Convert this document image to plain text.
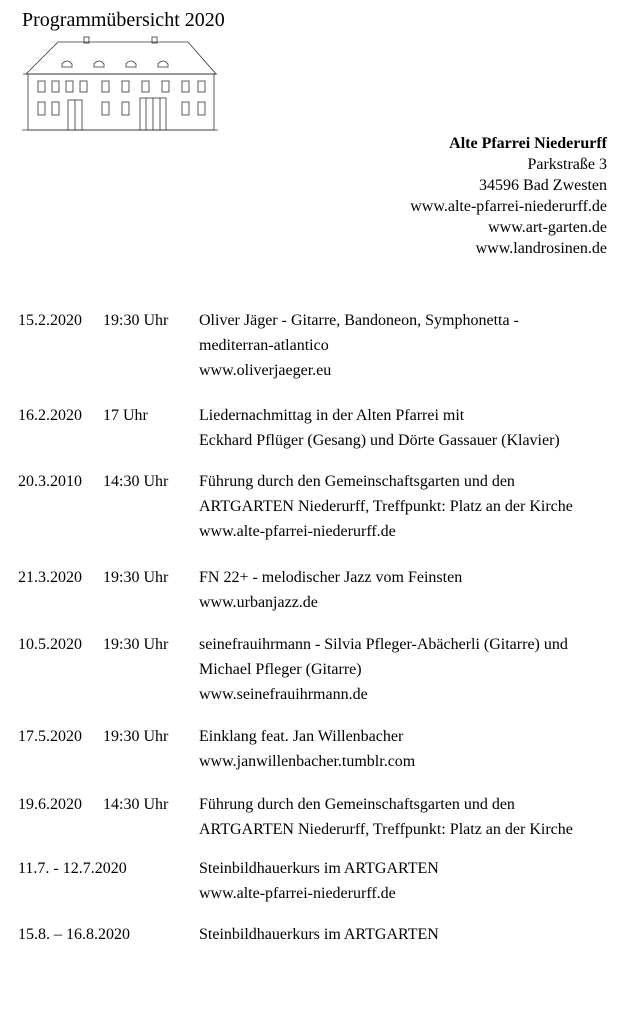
Programmübersicht 2020
Alte Pfarrei Niederurff
Parkstraße 3
34596 Bad Zwesten
www.alte-pfarrei-niederurff.de
www.art-garten.de
www.landrosinen.de
15.2.2020 19:30 Uhr Oliver Jäger - Gitarre, Bandoneon, Symphonetta -
mediterran-atlantico
www.oliverjaeger.eu
16.2.2020 17 Uhr	Liedernachmittag in der Alten Pfarrei mit
Eckhard Pflüger (Gesang) und Dörte Gassauer (Klavier)
20.3.2010 14:30 Uhr Führung durch den Gemeinschaftsgarten und den
ARTGARTEN Niederurff, Treffpunkt: Platz an der Kirche
www.alte-pfarrei-niederurff.de
21.3.2020 19:30 Uhr FN 22+ - melodischer Jazz vom Feinsten
www.urbanjazz.de
10.5.2020 19:30 Uhr seinefrauihrmann - Silvia Pfleger-Abächerli (Gitarre) und
Michael Pfleger (Gitarre)
www.seinefrauihrmann.de
17.5.2020 19:30 Uhr Einklang feat. Jan Willenbacher
www.janwillenbacher.tumblr.com
19.6.2020 14:30 Uhr Führung durch den Gemeinschaftsgarten und den
ARTGARTEN Niederurff, Treffpunkt: Platz an der Kirche
11.7. - 12.7.2020	Steinbildhauerkurs im ARTGARTEN
www.alte-pfarrei-niederurff.de
15.8. – 16.8.2020	Steinbildhauerkurs im ARTGARTEN
